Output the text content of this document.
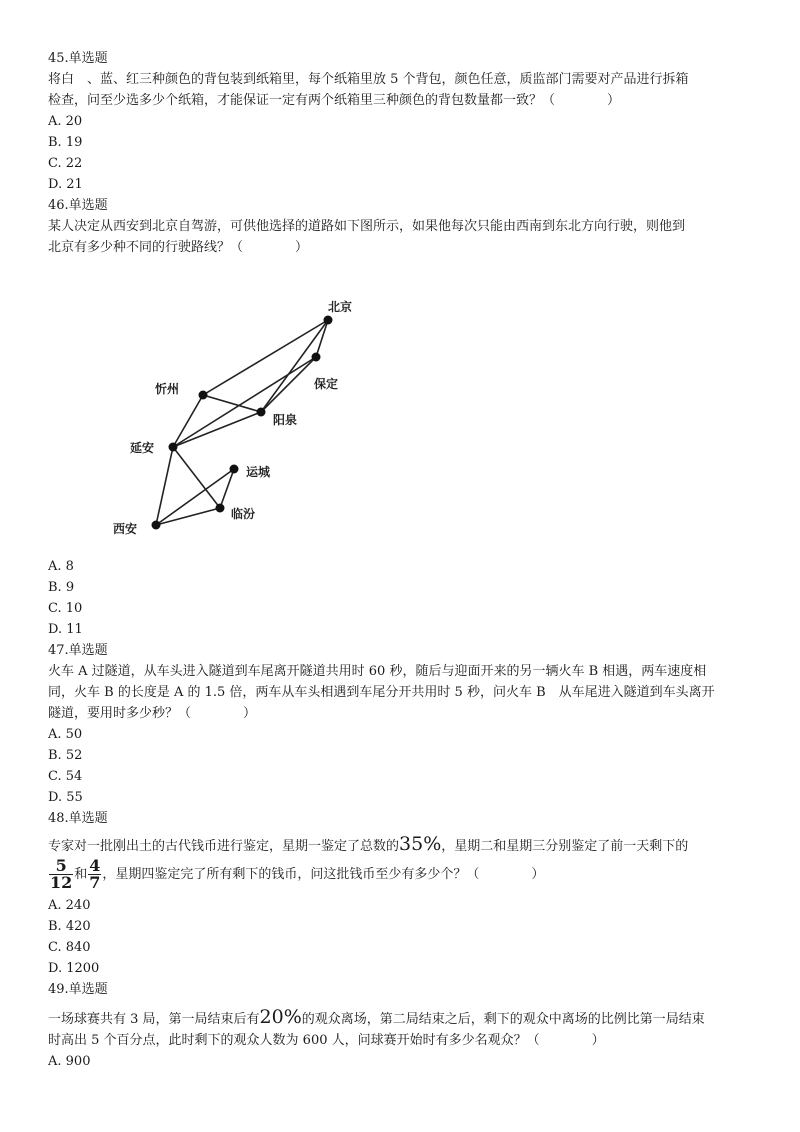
45.单选题
将白　、蓝、红三种颜色的背包装到纸箱里，每个纸箱里放 5 个背包，颜色任意，质监部门需要对产品进行拆箱
检查，问至少选多少个纸箱，才能保证一定有两个纸箱里三种颜色的背包数量都一致？（　　　　）
A. 20
B. 19
C. 22
D. 21
46.单选题
某人决定从西安到北京自驾游，可供他选择的道路如下图所示，如果他每次只能由西南到东北方向行驶，则他到
北京有多少种不同的行驶路线？（　　　　）
A. 8
B. 9
C. 10
D. 11
47.单选题
火车 A 过隧道，从车头进入隧道到车尾离开隧道共用时 60 秒，随后与迎面开来的另一辆火车 B 相遇，两车速度相
同，火车 B 的长度是 A 的 1.5 倍，两车从车头相遇到车尾分开共用时 5 秒，问火车 B　从车尾进入隧道到车头离开
隧道，要用时多少秒？（　　　　）
A. 50
B. 52
C. 54
D. 55
48.单选题
专家对一批刚出土的古代钱币进行鉴定，星期一鉴定了总数的35%，星期二和星期三分别鉴定了前一天剩下的
$\frac{5}{12}$ 和 $\frac{4}{7}$ ，星期四鉴定完了所有剩下的钱币，问这批钱币至少有多少个？（　　　　）
A. 240
B. 420
C. 840
D. 1200
49.单选题
一场球赛共有 3 局，第一局结束后有20%的观众离场，第二局结束之后，剩下的观众中离场的比例比第一局结束
时高出 5 个百分点，此时剩下的观众人数为 600 人，问球赛开始时有多少名观众？（　　　　）
A. 900
北京
保定
忻州
阳泉
延安
运城
临汾
西安
